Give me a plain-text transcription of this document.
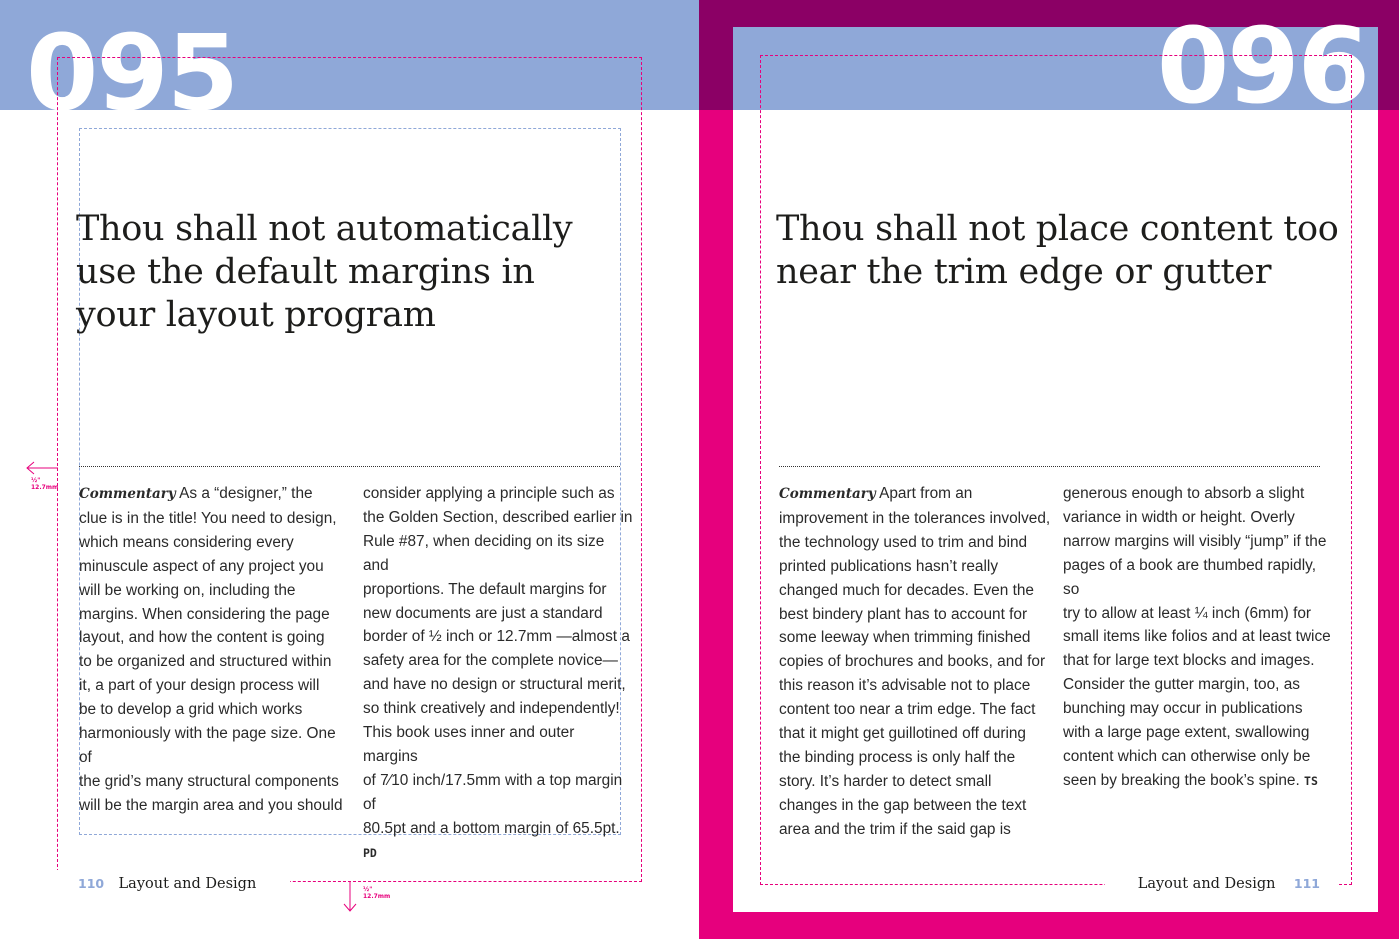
095
Thou shall not automatically
use the default margins in
your layout program
Commentary As a “designer,” the
clue is in the title! You need to design,
which means considering every
minuscule aspect of any project you
will be working on, including the
margins. When considering the page
layout, and how the content is going
to be organized and structured within
it, a part of your design process will
be to develop a grid which works
harmoniously with the page size. One of
the grid’s many structural components
will be the margin area and you should
consider applying a principle such as
the Golden Section, described earlier in
Rule #87, when deciding on its size and
proportions. The default margins for
new documents are just a standard
border of ½ inch or 12.7mm —almost a
safety area for the complete novice—
and have no design or structural merit,
so think creatively and independently!
This book uses inner and outer margins
of 7⁄10 inch/17.5mm with a top margin of
80.5pt and a bottom margin of 65.5pt.
PD
110 Layout and Design
½"
12.7mm
½"
12.7mm
096
Thou shall not place content too
near the trim edge or gutter
Commentary Apart from an
improvement in the tolerances involved,
the technology used to trim and bind
printed publications hasn’t really
changed much for decades. Even the
best bindery plant has to account for
some leeway when trimming finished
copies of brochures and books, and for
this reason it’s advisable not to place
content too near a trim edge. The fact
that it might get guillotined off during
the binding process is only half the
story. It’s harder to detect small
changes in the gap between the text
area and the trim if the said gap is
generous enough to absorb a slight
variance in width or height. Overly
narrow margins will visibly “jump” if the
pages of a book are thumbed rapidly, so
try to allow at least ¼ inch (6mm) for
small items like folios and at least twice
that for large text blocks and images.
Consider the gutter margin, too, as
bunching may occur in publications
with a large page extent, swallowing
content which can otherwise only be
seen by breaking the book’s spine. TS
Layout and Design 111
